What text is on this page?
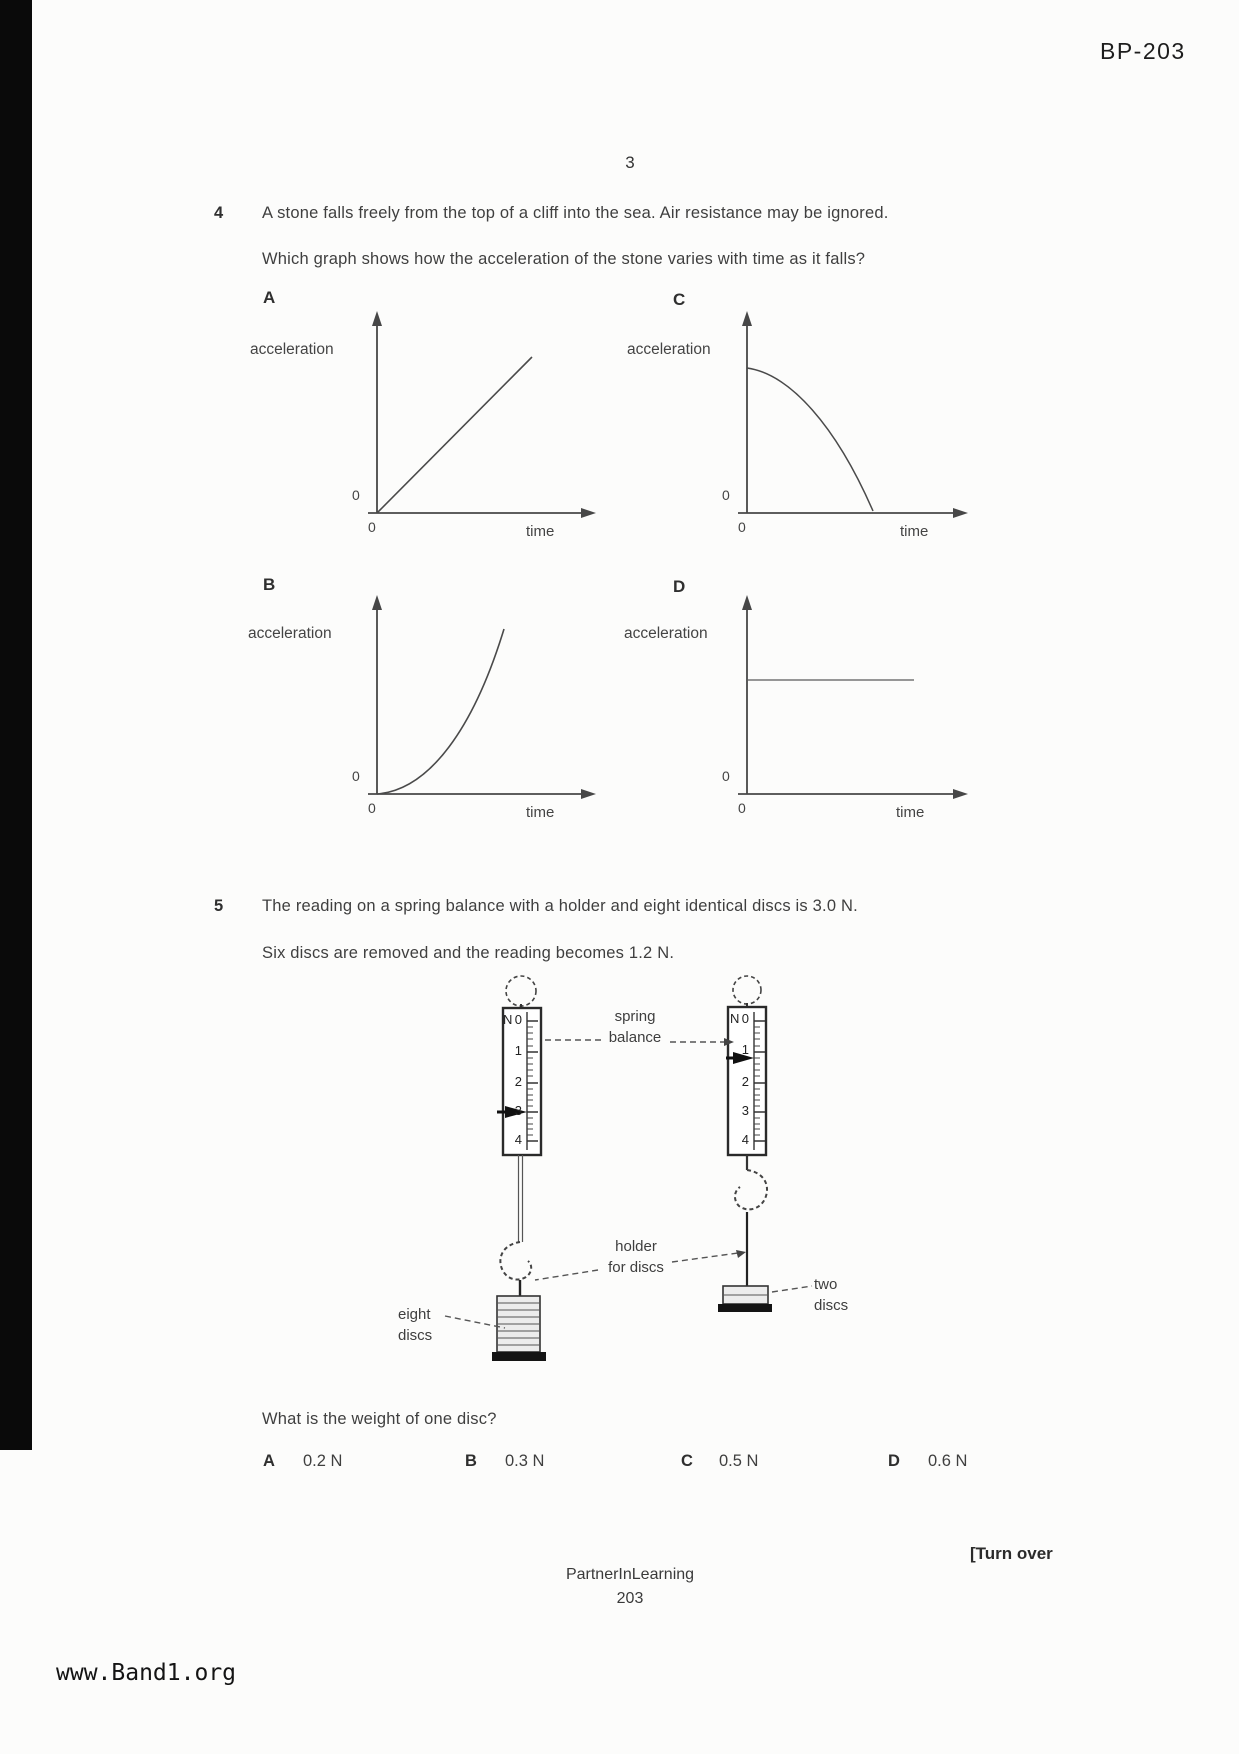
BP-203
3
4 A stone falls freely from the top of a cliff into the sea. Air resistance may be ignored.
Which graph shows how the acceleration of the stone varies with time as it falls?
A
acceleration
0
0	time
C
acceleration
0
0	time
B
acceleration
0
0	time
D
acceleration
0
0	time
5 The reading on a spring balance with a holder and eight identical discs is 3.0 N.
Six discs are removed and the reading becomes 1.2 N.
N 0
1
2
3
4
N 0
1
2
3
4
spring
balance
holder
for discs
eight
discs
two
discs
What is the weight of one disc?
A 0.2 N	B 0.3 N	C 0.5 N	D 0.6 N
[Turn over
PartnerInLearning
203
www.Band1.org
